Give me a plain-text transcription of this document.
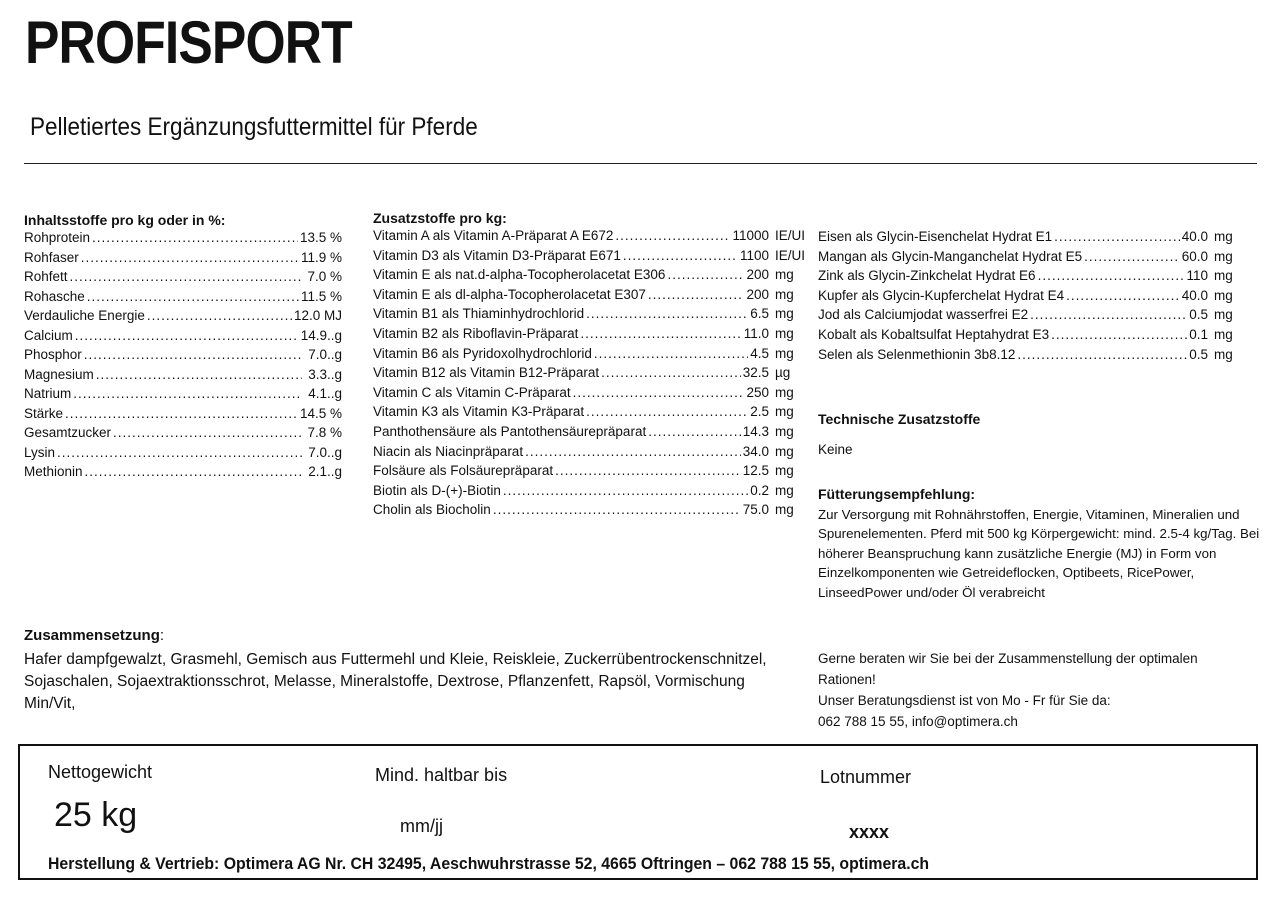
PROFISPORT
Pelletiertes Ergänzungsfuttermittel für Pferde
Inhaltsstoffe pro kg oder in %:
Rohprotein .....	13.5 %
Rohfaser .....	11.9 %
Rohfett .....	7.0 %
Rohasche .....	11.5 %
Verdauliche Energie .....	12.0 MJ
Calcium .....	14.9..g
Phosphor .....	7.0..g
Magnesium .....	3.3..g
Natrium .....	4.1..g
Stärke .....	14.5 %
Gesamtzucker .....	7.8 %
Lysin .....	7.0..g
Methionin .....	2.1..g
Zusatzstoffe pro kg:
Vitamin A als Vitamin A-Präparat A E672 .....	11000 IE/UI
Vitamin D3 als Vitamin D3-Präparat E671 .....	1100 IE/UI
Vitamin E als nat.d-alpha-Tocopherolacetat E306 .....	200 mg
Vitamin E als dl-alpha-Tocopherolacetat E307 .....	200 mg
Vitamin B1 als Thiaminhydrochlorid .....	6.5 mg
Vitamin B2 als Riboflavin-Präparat .....	11.0 mg
Vitamin B6 als Pyridoxolhydrochlorid .....	4.5 mg
Vitamin B12 als Vitamin B12-Präparat .....	32.5 µg
Vitamin C als Vitamin C-Präparat .....	250 mg
Vitamin K3 als Vitamin K3-Präparat .....	2.5 mg
Panthothensäure als Pantothensäurepräparat .....	14.3 mg
Niacin als Niacinpräparat .....	34.0 mg
Folsäure als Folsäurepräparat .....	12.5 mg
Biotin als D-(+)-Biotin .....	0.2 mg
Cholin als Biocholin .....	75.0 mg
Eisen als Glycin-Eisenchelat Hydrat E1 .....	40.0 mg
Mangan als Glycin-Manganchelat Hydrat E5 .....	60.0 mg
Zink als Glycin-Zinkchelat Hydrat E6 .....	110 mg
Kupfer als Glycin-Kupferchelat Hydrat E4 .....	40.0 mg
Jod als Calciumjodat wasserfrei E2 .....	0.5 mg
Kobalt als Kobaltsulfat Heptahydrat E3 .....	0.1 mg
Selen als Selenmethionin 3b8.12 .....	0.5 mg
Technische Zusatzstoffe
Keine
Fütterungsempfehlung:
Zur Versorgung mit Rohnährstoffen, Energie, Vitaminen, Mineralien und Spurenelementen. Pferd mit 500 kg Körpergewicht: mind. 2.5-4 kg/Tag. Bei höherer Beanspruchung kann zusätzliche Energie (MJ) in Form von Einzelkomponenten wie Getreideflocken, Optibeets, RicePower, LinseedPower und/oder Öl verabreicht
Gerne beraten wir Sie bei der Zusammenstellung der optimalen Rationen!
Unser Beratungsdienst ist von Mo - Fr für Sie da:
062 788 15 55, info@optimera.ch
Zusammensetzung:
Hafer dampfgewalzt, Grasmehl, Gemisch aus Futtermehl und Kleie, Reiskleie, Zuckerrübentrockenschnitzel, Sojaschalen, Sojaextraktionsschrot, Melasse, Mineralstoffe, Dextrose, Pflanzenfett, Rapsöl, Vormischung Min/Vit,
Nettogewicht
25 kg
Mind. haltbar bis
mm/jj
Lotnummer
xxxx
Herstellung & Vertrieb: Optimera AG Nr. CH 32495, Aeschwuhrstrasse 52, 4665 Oftringen – 062 788 15 55, optimera.ch
